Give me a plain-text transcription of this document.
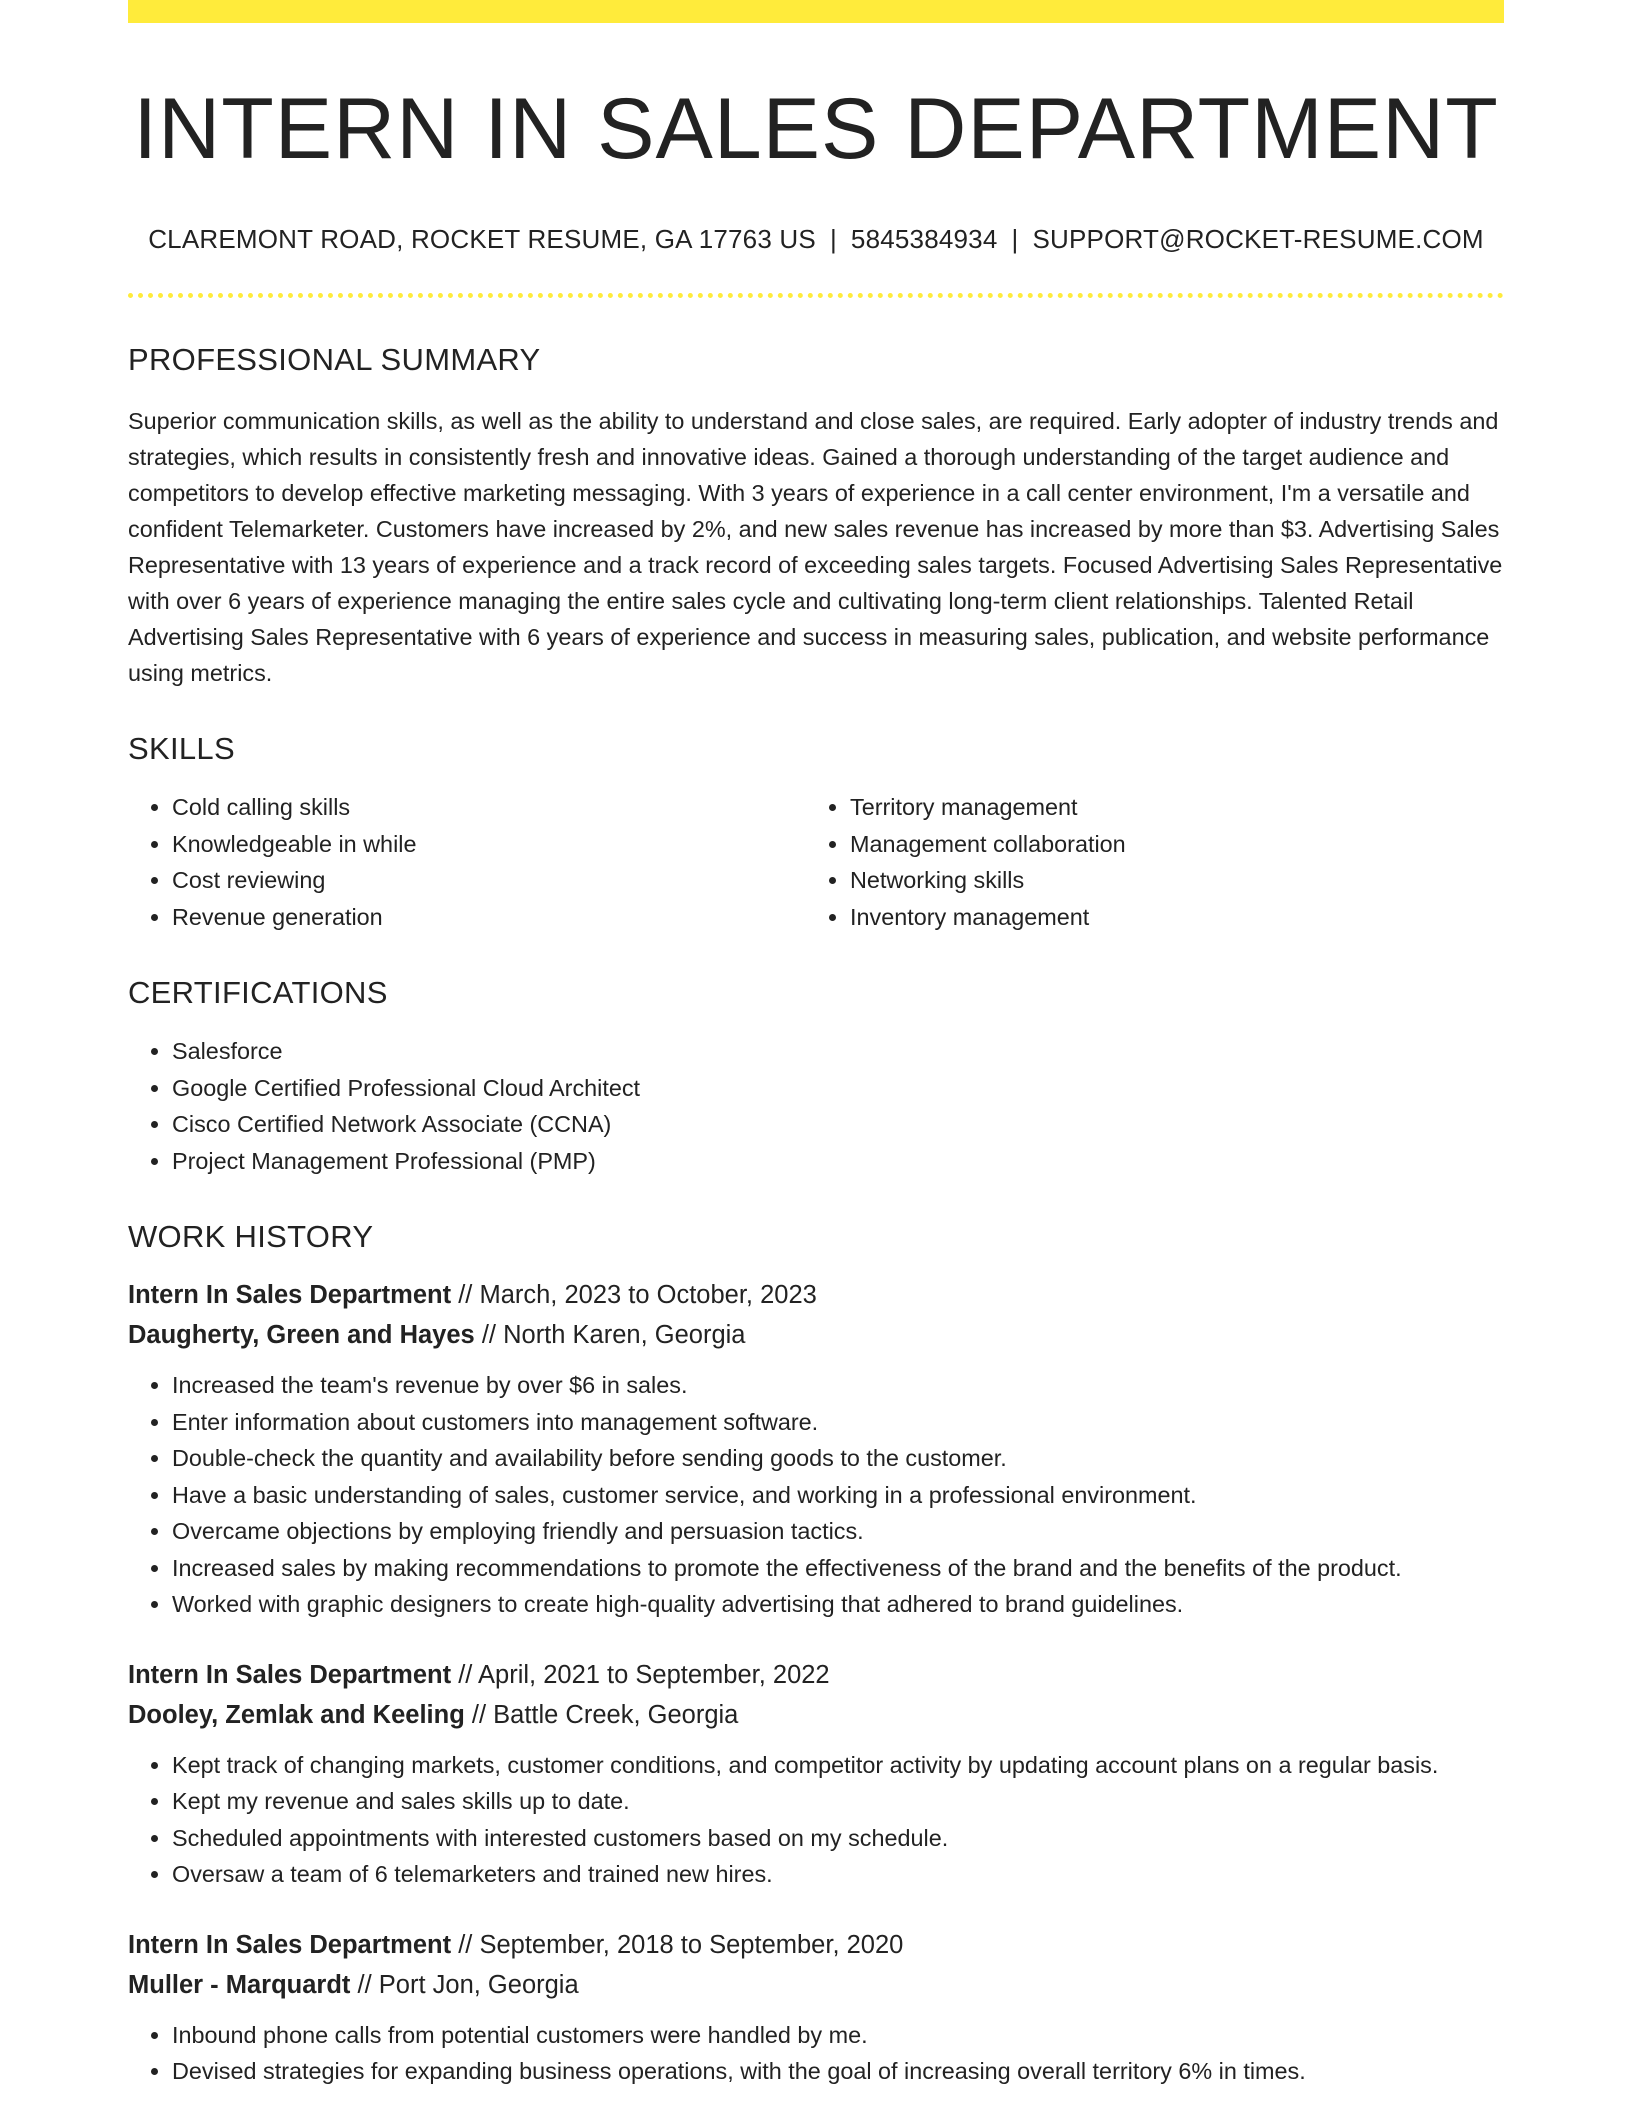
INTERN IN SALES DEPARTMENT
CLAREMONT ROAD, ROCKET RESUME, GA 17763 US | 5845384934 | SUPPORT@ROCKET-RESUME.COM
PROFESSIONAL SUMMARY
Superior communication skills, as well as the ability to understand and close sales, are required. Early adopter of industry trends and strategies, which results in consistently fresh and innovative ideas. Gained a thorough understanding of the target audience and competitors to develop effective marketing messaging. With 3 years of experience in a call center environment, I'm a versatile and confident Telemarketer. Customers have increased by 2%, and new sales revenue has increased by more than $3. Advertising Sales Representative with 13 years of experience and a track record of exceeding sales targets. Focused Advertising Sales Representative with over 6 years of experience managing the entire sales cycle and cultivating long-term client relationships. Talented Retail Advertising Sales Representative with 6 years of experience and success in measuring sales, publication, and website performance using metrics.
SKILLS
• Cold calling skills
• Knowledgeable in while
• Cost reviewing
• Revenue generation
• Territory management
• Management collaboration
• Networking skills
• Inventory management
CERTIFICATIONS
• Salesforce
• Google Certified Professional Cloud Architect
• Cisco Certified Network Associate (CCNA)
• Project Management Professional (PMP)
WORK HISTORY
Intern In Sales Department // March, 2023 to October, 2023
Daugherty, Green and Hayes // North Karen, Georgia
• Increased the team's revenue by over $6 in sales.
• Enter information about customers into management software.
• Double-check the quantity and availability before sending goods to the customer.
• Have a basic understanding of sales, customer service, and working in a professional environment.
• Overcame objections by employing friendly and persuasion tactics.
• Increased sales by making recommendations to promote the effectiveness of the brand and the benefits of the product.
• Worked with graphic designers to create high-quality advertising that adhered to brand guidelines.
Intern In Sales Department // April, 2021 to September, 2022
Dooley, Zemlak and Keeling // Battle Creek, Georgia
• Kept track of changing markets, customer conditions, and competitor activity by updating account plans on a regular basis.
• Kept my revenue and sales skills up to date.
• Scheduled appointments with interested customers based on my schedule.
• Oversaw a team of 6 telemarketers and trained new hires.
Intern In Sales Department // September, 2018 to September, 2020
Muller - Marquardt // Port Jon, Georgia
• Inbound phone calls from potential customers were handled by me.
• Devised strategies for expanding business operations, with the goal of increasing overall territory 6% in times.
